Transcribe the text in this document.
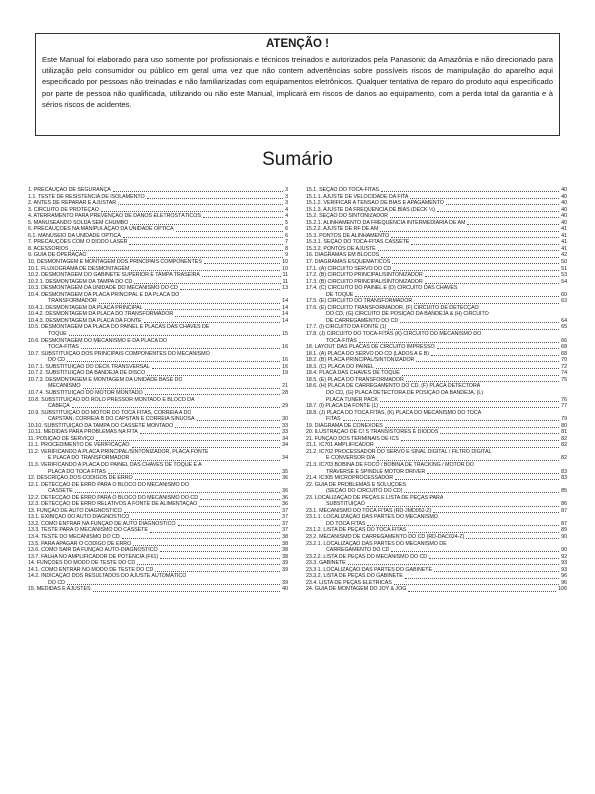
ATENÇÃO !

Este Manual foi elaborado para uso somente por profissionais e técnicos treinados e autorizados pela Panasonic da Amazônia e não direcionado para utilização pelo consumidor ou público em geral uma vez que não contem advertências sobre possíveis riscos de manipulação do aparelho aqui especificado por pessoas não treinadas e não familiarizadas com equipamentos eletrônicos. Qualquer tentativa de reparo do produto aqui especificado por parte de pessoa não qualificada, utilizando ou não este Manual, implicará em riscos de danos ao equipamento, com a perda total da garantia e à sérios riscos de acidentes.

Sumário
1. PRECAUÇÃO DE SEGURANÇA	3
1.1. TESTE DE RESISTÊNCIA DE ISOLAMENTO	3
2. ANTES DE REPARAR E AJUSTAR	3
3. CIRCUITO DE PROTEÇÃO	4
4. ATERRAMENTO PARA PREVENÇÃO DE DANOS ELETROSTÁTICOS	4
5. MANUSEANDO SOLDA SEM CHUMBO	5
6. PRECAUÇÕES NA MANIPULAÇÃO DA UNIDADE ÓPTICA	6
6.1. MANUSEIO DA UNIDADE ÓPTICA	6
7. PRECAUÇÕES COM O DIODO LASER	7
8. ACESSÓRIOS	8
9. GUIA DE OPERAÇÃO	9
10. DESMONTAGEM E MONTAGEM DOS PRINCIPAIS COMPONENTES	10
10.1. FLUXOGRAMA DE DESMONTAGEM	10
10.2. DESMONTAGEM DO GABINETE SUPERIOR E TAMPA TRASEIRA	11
10.2.1. DESMONTAGEM DA TAMPA DO CD	11
10.3. DESMONTAGEM DA UNIDADE DO MECANISMO DO CD	13
10.4. DESMONTAGEM DA PLACA PRINCIPAL E DA PLACA DO
TRANSFORMADOR	14
10.4.1. DESMONTAGEM DA PLACA PRINCIPAL	14
10.4.2. DESMONTAGEM DA PLACA DO TRANSFORMADOR	14
10.4.3. DESMONTAGEM DA PLACA DA FONTE	14
10.5. DESMONTAGEM DA PLACA DO PAINEL E PLACAS DAS CHAVES DE
TOQUE	15
10.6. DESMONTAGEM DO MECANISMO E DA PLACA DO
TOCA-FITAS	16
10.7. SUBSTITUIÇÃO DOS PRINCIPAIS COMPONENTES DO MECANISMO
DO CD	16
10.7.1. SUBSTITUIÇÃO DO DECK TRANSVERSAL	16
10.7.2. SUBSTITUIÇÃO DA BANDEJA DE DISCO	19
10.7.3. DESMONTAGEM E MONTAGEM DA UNIDADE BASE DO
MECANISMO	21
10.7.4. SUBSTITUIÇÃO DO MOTOR MONTADO	28
10.8. SUBSTITUIÇÃO DO ROLO PRESSOR MONTADO E BLOCO DA
CABEÇA	29
10.9. SUBSTITUIÇÃO DO MOTOR DO TOCA FITAS, CORREIA A DO
CAPSTAN, CORREIA B DO CAPSTAN E CORREIA SINUOSA	30
10.10. SUBSTITUIÇÃO DA TAMPA DO CASSETE MONTADO	33
10.11. MEDIDAS PARA PROBLEMAS NA FITA	33
11. POSIÇÃO DE SERVIÇO	34
11.1. PROCEDIMENTO DE VERIFICAÇÃO	34
11.2. VERIFICANDO A PLACA PRINCIPAL/SINTONIZADOR, PLACA FONTE
E PLACA DO TRANSFORMADOR	34
11.3. VERIFICANDO A PLACA DO PAINEL DAS CHAVES DE TOQUE E A
PLACA DO TOCA FITAS	35
12. DESCRIÇÃO DOS CÓDIGOS DE ERRO	36
12.1. DETECÇÃO DE ERRO PARA O BLOCO DO MECANISMO DO
CASSETE	36
12.2. DETECÇÃO DE ERRO PARA O BLOCO DO MECANISMO DO CD	36
12.3. DETECÇÃO DE ERRO RELATIVOS A FONTE DE ALIMENTAÇÃO	36
13. FUNÇÃO DE AUTO DIAGNÓSTICO	37
13.1. EXIBIÇÃO DO AUTO DIAGNÓSTICO	37
13.2. COMO ENTRAR NA FUNÇÃO DE AUTO DIAGNÓSTICO	37
13.3. TESTE PARA O MECANISMO DO CASSETE	37
13.4. TESTE DO MECANISMO DO CD	38
13.5. PARA APAGAR O CÓDIGO DE ERRO	38
13.6. COMO SAIR DA FUNÇÃO AUTO-DIAGNÓSTICO	38
13.7. FALHA NO AMPLIFICADOR DE POTÊNCIA (F61)	38
14. FUNÇÕES DO MODO DE TESTE DO CD	39
14.1. COMO ENTRAR NO MODO DE TESTE DO CD	39
14.2. INDICAÇÃO DOS RESULTADOS DO AJUSTE AUTOMÁTICO
DO CD	39
15. MEDIDAS E AJUSTES	40
15.1. SEÇÃO DO TOCA-FITAS	40
15.1.1. AJUSTE DE VELOCIDADE DA FITA	40
15.1.2. VERIFICAR A TENSÃO DE BIAS E APAGAMENTO	40
15.1.3. AJUSTE DA FREQUÊNCIA DE BIAS (DECK ½)	40
15.2. SEÇÃO DO SINTONIZADOR	40
15.2.1. ALINHAMENTO DA FREQÜÊNCIA INTERMEDIÁRIA DE AM	40
15.2.2. AJUSTE DE RF DE AM	41
15.3. PONTOS DE ALINHAMENTO	41
15.3.1. SEÇÃO DO TOCA-FITAS CASSETE	41
15.3.2. PONTOS DE AJUSTE	41
16. DIAGRAMAS EM BLOCOS	42
17. DIAGRAMAS ESQUEMÁTICOS	50
17.1. (A) CIRCUITO SERVO DO CD	51
17.2. (B) CIRCUITO PRINCIPAL/SINTONIZADOR	53
17.3. (B) CIRCUITO PRINCIPAL/SINTONIZADOR	54
17.4. (C) CIRCUITO DO PAINEL E (D) CIRCUITO DAS CHAVES
DE TOQUE	60
17.5. (E) CIRCUITO DO TRANSFORMADOR	63
17.6. (E) CIRCUITO TRANSFORMADOR, (F) CIRCUITO DE DETECÇÃO
DO CD, (G) CIRCUITO DE POSIÇÃO DA BANDEJA & (H) CIRCUITO
DE CARREGAMENTO DO CD	64
17.7. (I) CIRCUITO DA FONTE (1)	65
17.8. (J) CIRCUITO DO TOCA-FITAS (K) CIRCUITO DO MECANISMO DO
TOCA-FITAS	66
18. LAYOUT DAS PLACAS DE CIRCUITO IMPRESSO	68
18.1. (A) PLACA DO SERVO DO CD (LADOS A E B)	68
18.2. (B) PLACA PRINCIPAL/SINTONIZADOR	70
18.3. (C) PLACA DO PAINEL	72
18.4. PLACA DAS CHAVES DE TOQUE	74
18.5. (E) PLACA DO TRANSFORMADOR	75
18.6. (H) PLACA DE CARREGAMENTO DO CD, (F) PLACA DETECTORA
DO CD, (G) PLACA DETECTORA DE POSIÇÃO DA BANDEJA, (L)
PLACA TUNER PACK	76
18.7. (I) PLACA DA FONTE (1)	77
18.8. (J) PLACA DO TOCA FITAS, (K) PLACA DO MECANISMO DO TOCA
FITAS	79
19. DIAGRAMA DE CONEXÕES	80
20. ILUSTRAÇÃO DE CI´S TRANSISTORES E DIODOS	81
21. FUNÇÃO DOS TERMINAIS DE ICS	82
21.1. IC701 AMPLIFICADOR	82
21.2. IC702 PROCESSADOR DO SERVO E SINAL DIGITAL / FILTRO DIGITAL
E CONVERSOR D/A	82
21.3. IC703 BOBINA DE FOCO / BOBINA DE TRACKING / MOTOR DO
TRAVERSE E SPINDLE MOTOR DRIVER	83
21.4. IC305 MICROPROCESSADOR	83
22. GUIA DE PROBLEMAS E SOLUÇÕES
(SEÇÃO DO CIRCUITO DO CD)	85
23. LOCALIZAÇÃO DE PEÇAS E LISTA DE PEÇAS PARA
SUBSTITUIÇÃO	86
23.1. MECANISMO DO TOCA FITAS (RD-JMD052-Z)	87
23.1.1. LOCALIZAÇÃO DAS PARTES DO MECANISMO
DO TOCA FITAS	87
23.1.2. LISTA DE PEÇAS DO TOCA FITAS	89
23.2. MECANISMO DE CARREGAMENTO DO CD (RD-DAC024-Z)	90
23.2.1. LOCALIZAÇÃO DAS PARTES DO MECANISMO DE
CARREGAMENTO DO CD	90
23.2.2. LISTA DE PEÇAS DO MECANISMO DO CD	92
23.3. GABINETE	93
23.3.1. LOCALIZAÇÃO DAS PARTES DO GABINETE	93
23.3.2. LISTA DE PEÇAS DO GABINETE	96
23.4. LISTA DE PEÇAS ELÉTRICAS	96
24. GUIA DE MONTAGEM DO JOY & JOG	106
